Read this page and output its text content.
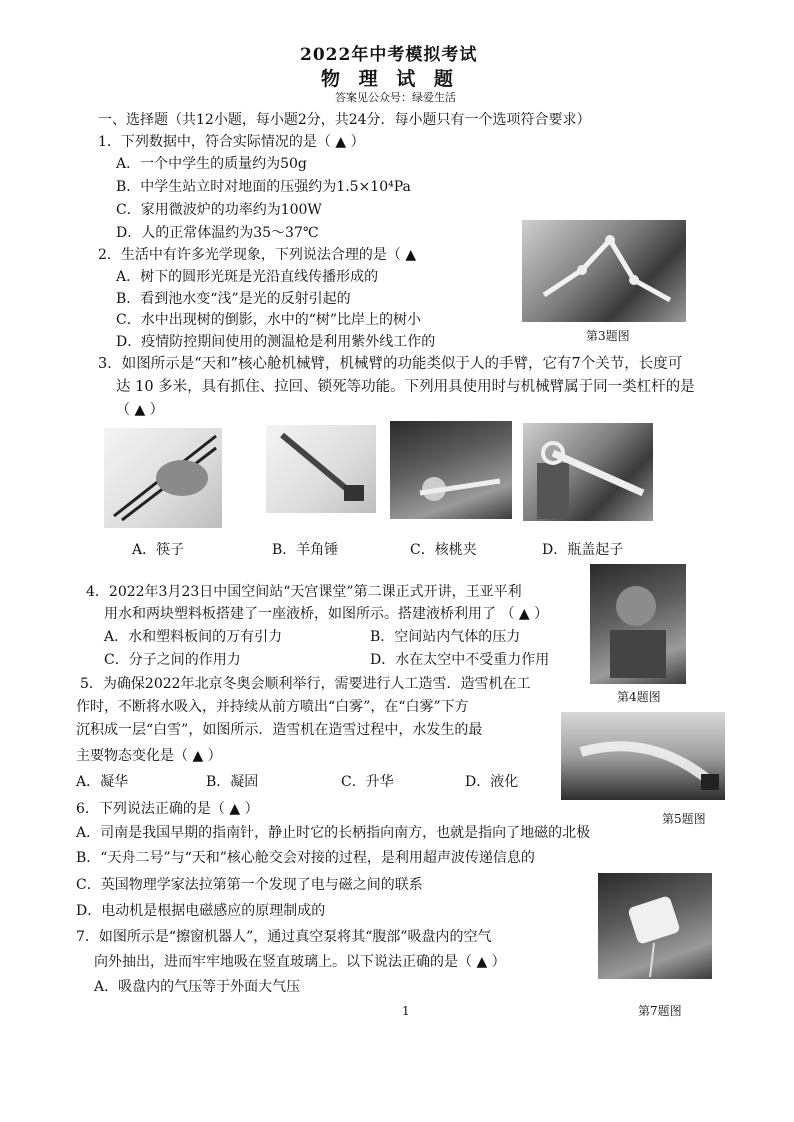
2022年中考模拟考试
物 理 试 题
答案见公众号：绿爱生活
一、选择题（共12小题，每小题2分，共24分．每小题只有一个选项符合要求）
1．下列数据中，符合实际情况的是（ ▲ ）
A．一个中学生的质量约为50g
B．中学生站立时对地面的压强约为1.5×10⁴Pa
C．家用微波炉的功率约为100W
D．人的正常体温约为35～37℃
第3题图
2．生活中有许多光学现象，下列说法合理的是（ ▲
A．树下的圆形光斑是光沿直线传播形成的
B．看到池水变“浅”是光的反射引起的
C．水中出现树的倒影，水中的“树”比岸上的树小
D．疫情防控期间使用的测温枪是利用紫外线工作的
3．如图所示是“天和”核心舱机械臂，机械臂的功能类似于人的手臂，它有7个关节，长度可
达 10 多米，具有抓住、拉回、锁死等功能。下列用具使用时与机械臂属于同一类杠杆的是
（ ▲ ）
A．筷子	B．羊角锤	C．核桃夹	D．瓶盖起子
4．2022年3月23日中国空间站“天宫课堂”第二课正式开讲，王亚平利
用水和两块塑料板搭建了一座液桥，如图所示。搭建液桥利用了 （ ▲ ）
A．水和塑料板间的万有引力	B．空间站内气体的压力
C．分子之间的作用力	D．水在太空中不受重力作用
第4题图
5．为确保2022年北京冬奥会顺利举行，需要进行人工造雪．造雪机在工
作时，不断将水吸入，并持续从前方喷出“白雾”，在“白雾”下方
沉积成一层“白雪”，如图所示．造雪机在造雪过程中，水发生的最
主要物态变化是（ ▲ ）
A．凝华	B．凝固	C．升华	D．液化
第5题图
6．下列说法正确的是（ ▲ ）
A．司南是我国早期的指南针，静止时它的长柄指向南方，也就是指向了地磁的北极
B．“天舟二号”与“天和”核心舱交会对接的过程，是利用超声波传递信息的
C．英国物理学家法拉第第一个发现了电与磁之间的联系
D．电动机是根据电磁感应的原理制成的
7．如图所示是“擦窗机器人”，通过真空泵将其“腹部”吸盘内的空气
向外抽出，进而牢牢地吸在竖直玻璃上。以下说法正确的是（ ▲ ）
A．吸盘内的气压等于外面大气压
第7题图
1
